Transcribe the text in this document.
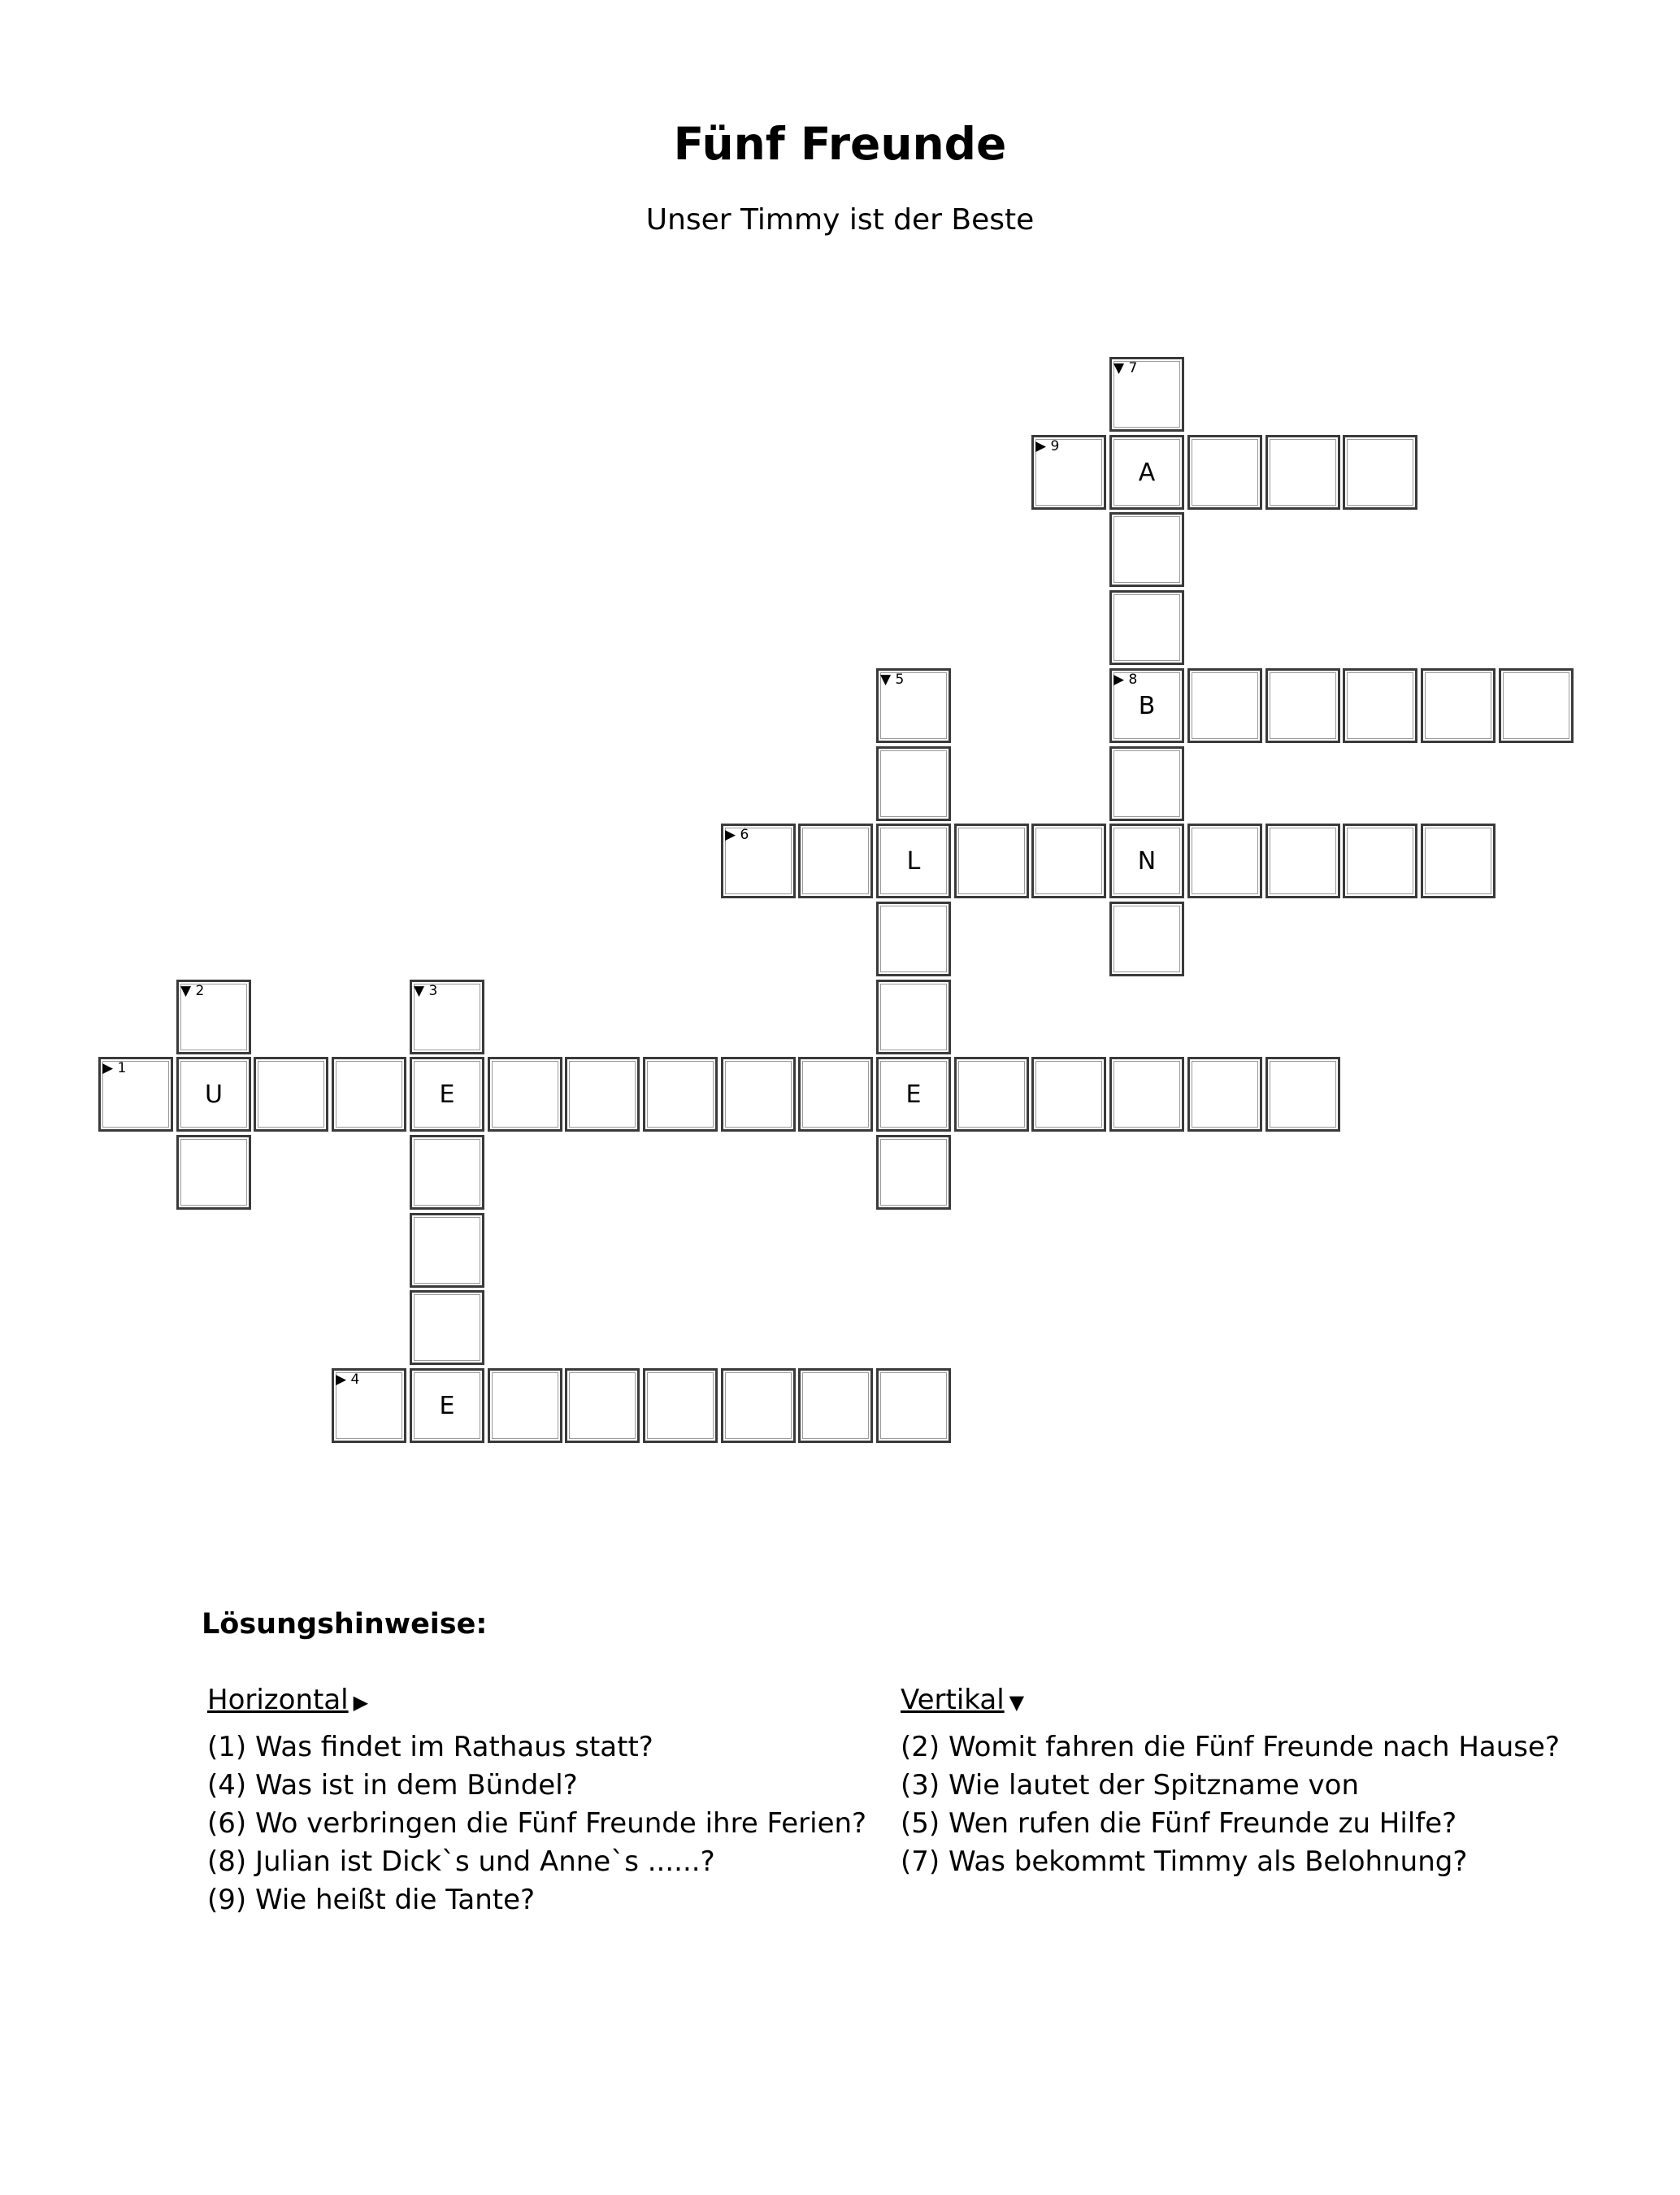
Fünf Freunde
Unser Timmy ist der Beste
▼ 7
▶ 9
A
▼ 5	▶ 8
B
▶ 6
L	N
▼ 2	▼ 3
▶ 1
U	E	E
▶ 4
E
Lösungshinweise:
Horizontal ▶
(1) Was findet im Rathaus statt?
(4) Was ist in dem Bündel?
(6) Wo verbringen die Fünf Freunde ihre Ferien?
(8) Julian ist Dick`s und Anne`s ......?
(9) Wie heißt die Tante?
Vertikal ▼
(2) Womit fahren die Fünf Freunde nach Hause?
(3) Wie lautet der Spitzname von
(5) Wen rufen die Fünf Freunde zu Hilfe?
(7) Was bekommt Timmy als Belohnung?
